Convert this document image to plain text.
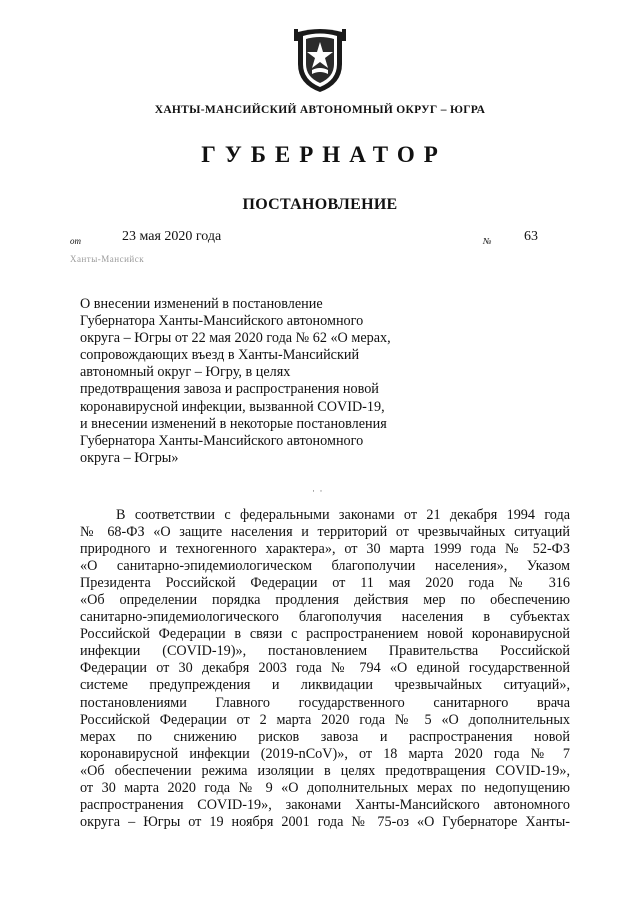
ХАНТЫ-МАНСИЙСКИЙ АВТОНОМНЫЙ ОКРУГ – ЮГРА
ГУБЕРНАТОР
ПОСТАНОВЛЕНИЕ
от	23 мая 2020 года	№ 63
Ханты-Мансийск
О внесении изменений в постановление
Губернатора Ханты-Мансийского автономного
округа – Югры от 22 мая 2020 года № 62 «О мерах,
сопровождающих въезд в Ханты-Мансийский
автономный округ – Югру, в целях
предотвращения завоза и распространения новой
коронавирусной инфекции, вызванной COVID-19,
и внесении изменений в некоторые постановления
Губернатора Ханты-Мансийского автономного
округа – Югры»
·  ·
В соответствии с федеральными законами от 21 декабря 1994 года
№ 68-ФЗ «О защите населения и территорий от чрезвычайных ситуаций
природного и техногенного характера», от 30 марта 1999 года № 52-ФЗ
«О санитарно-эпидемиологическом благополучии населения», Указом
Президента Российской Федерации от 11 мая 2020 года № 316
«Об определении порядка продления действия мер по обеспечению
санитарно-эпидемиологического благополучия населения в субъектах
Российской Федерации в связи с распространением новой коронавирусной
инфекции (COVID-19)», постановлением Правительства Российской
Федерации от 30 декабря 2003 года № 794 «О единой государственной
системе предупреждения и ликвидации чрезвычайных ситуаций»,
постановлениями Главного государственного санитарного врача
Российской Федерации от 2 марта 2020 года № 5 «О дополнительных
мерах по снижению рисков завоза и распространения новой
коронавирусной инфекции (2019-nCoV)», от 18 марта 2020 года № 7
«Об обеспечении режима изоляции в целях предотвращения COVID-19»,
от 30 марта 2020 года № 9 «О дополнительных мерах по недопущению
распространения COVID-19», законами Ханты-Мансийского автономного
округа – Югры от 19 ноября 2001 года № 75-оз «О Губернаторе Ханты-
